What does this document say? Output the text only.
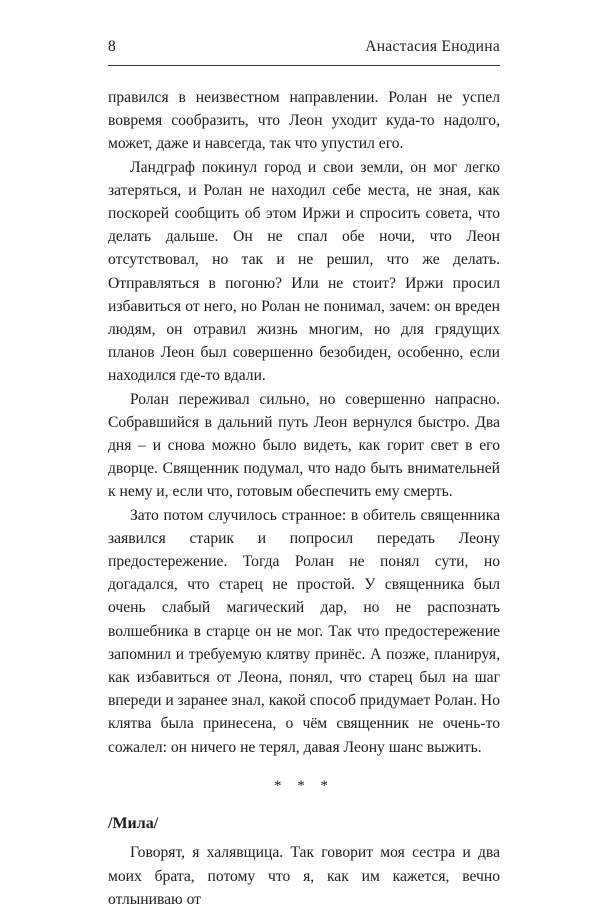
8	Анастасия Енодина

правился в неизвестном направлении. Ролан не успел вовремя сообразить, что Леон уходит куда-то надолго, может, даже и навсегда, так что упустил его.

Ландграф покинул город и свои земли, он мог легко затеряться, и Ролан не находил себе места, не зная, как поскорей сообщить об этом Иржи и спросить совета, что делать дальше. Он не спал обе ночи, что Леон отсутствовал, но так и не решил, что же делать. Отправляться в погоню? Или не стоит? Иржи просил избавиться от него, но Ролан не понимал, зачем: он вреден людям, он отравил жизнь многим, но для грядущих планов Леон был совершенно безобиден, особенно, если находился где-то вдали.

Ролан переживал сильно, но совершенно напрасно. Собравшийся в дальний путь Леон вернулся быстро. Два дня – и снова можно было видеть, как горит свет в его дворце. Священник подумал, что надо быть внимательней к нему и, если что, готовым обеспечить ему смерть.

Зато потом случилось странное: в обитель священника заявился старик и попросил передать Леону предостережение. Тогда Ролан не понял сути, но догадался, что старец не простой. У священника был очень слабый магический дар, но не распознать волшебника в старце он не мог. Так что предостережение запомнил и требуемую клятву принёс. А позже, планируя, как избавиться от Леона, понял, что старец был на шаг впереди и заранее знал, какой способ придумает Ролан. Но клятва была принесена, о чём священник не очень-то сожалел: он ничего не терял, давая Леону шанс выжить.

* * *
/Мила/

Говорят, я халявщица. Так говорит моя сестра и два моих брата, потому что я, как им кажется, вечно отлыниваю от
